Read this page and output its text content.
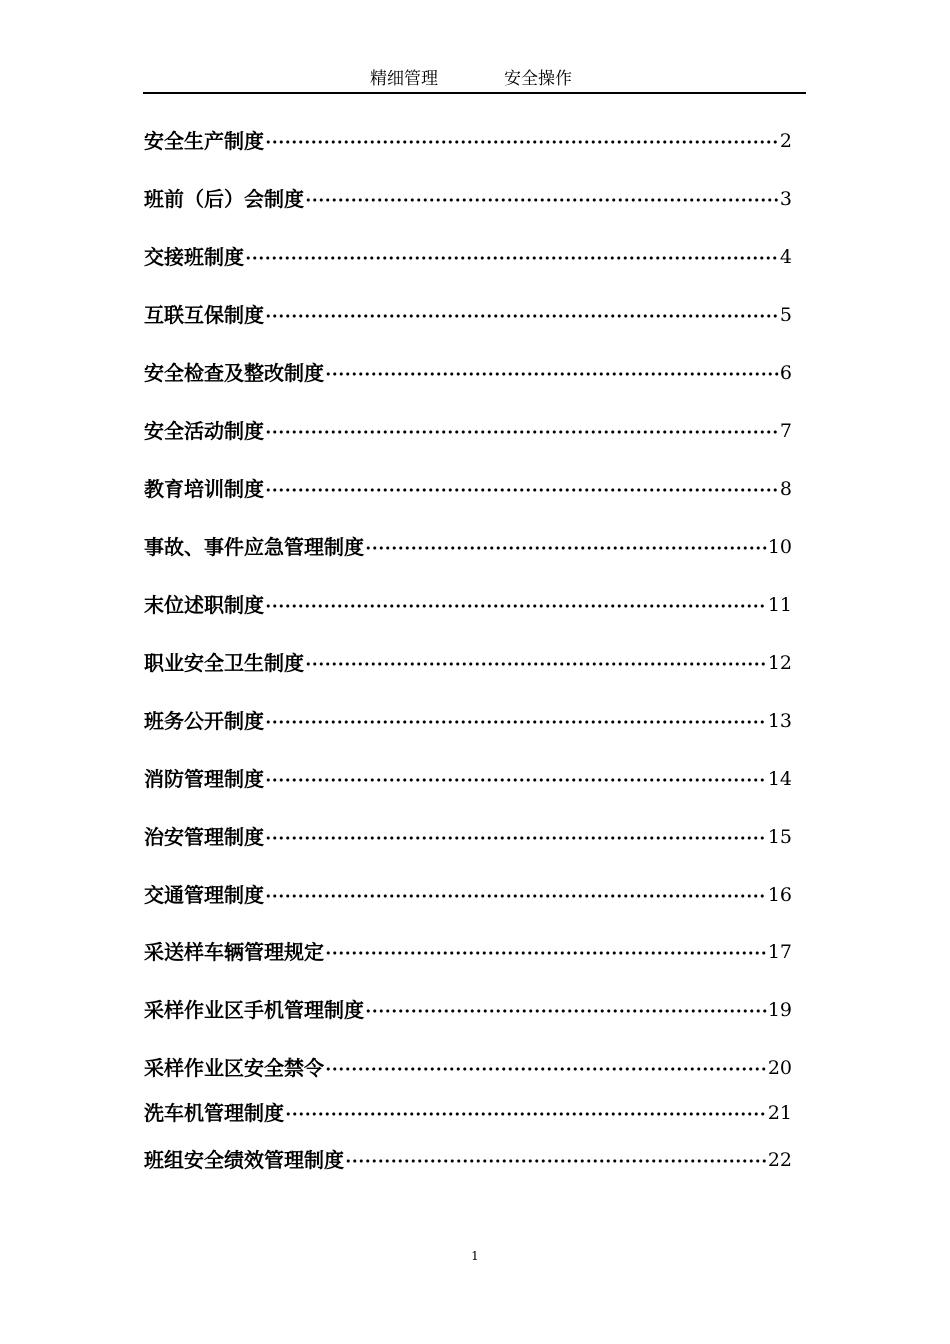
精细管理	安全操作
安全生产制度	2
班前（后）会制度	3
交接班制度	4
互联互保制度	5
安全检查及整改制度	6
安全活动制度	7
教育培训制度	8
事故、事件应急管理制度	10
末位述职制度	11
职业安全卫生制度	12
班务公开制度	13
消防管理制度	14
治安管理制度	15
交通管理制度	16
采送样车辆管理规定	17
采样作业区手机管理制度	19
采样作业区安全禁令	20
洗车机管理制度	21
班组安全绩效管理制度	22
1
